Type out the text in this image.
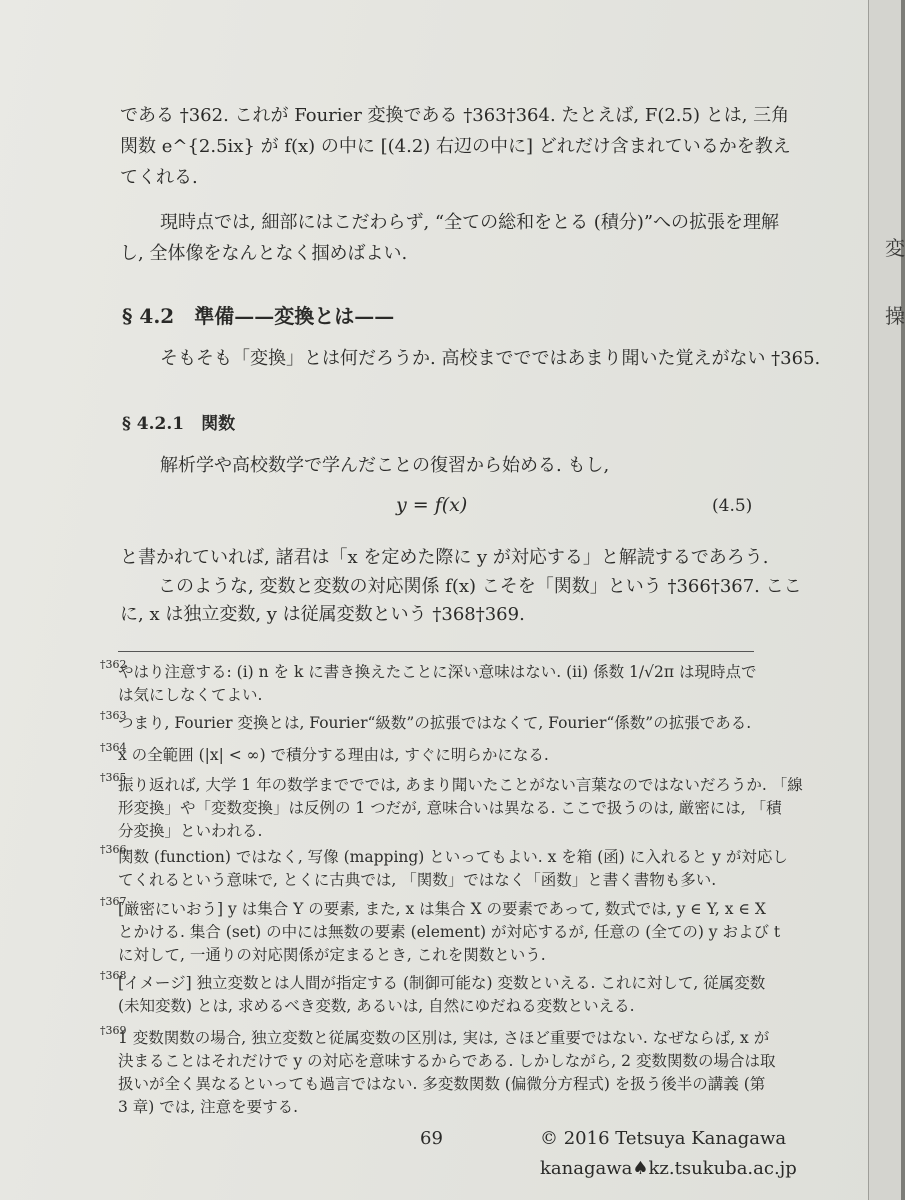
である †362. これが Fourier 変換である †363†364. たとえば, F(2.5) とは, 三角
関数 e^{2.5ix} が f(x) の中に [(4.2) 右辺の中に] どれだけ含まれているかを教え
てくれる.
現時点では, 細部にはこだわらず, “全ての総和をとる (積分)”への拡張を理解
し, 全体像をなんとなく掴めばよい.
§ 4.2　準備——変換とは——
そもそも「変換」とは何だろうか. 高校まででではあまり聞いた覚えがない †365.
§ 4.2.1　関数
解析学や高校数学で学んだことの復習から始める. もし,
y = f(x)	(4.5)
と書かれていれば, 諸君は「x を定めた際に y が対応する」と解読するであろう.
このような, 変数と変数の対応関係 f(x) こそを「関数」という †366†367. ここ
に, x は独立変数, y は従属変数という †368†369.
†362
やはり注意する: (i) n を k に書き換えたことに深い意味はない. (ii) 係数 1/√2π は現時点で
は気にしなくてよい.
†363
つまり, Fourier 変換とは, Fourier“級数”の拡張ではなくて, Fourier“係数”の拡張である.
†364
x の全範囲 (|x| < ∞) で積分する理由は, すぐに明らかになる.
†365
振り返れば, 大学 1 年の数学までででは, あまり聞いたことがない言葉なのではないだろうか. 「線
形変換」や「変数変換」は反例の 1 つだが, 意味合いは異なる. ここで扱うのは, 厳密には, 「積
分変換」といわれる.
†366
関数 (function) ではなく, 写像 (mapping) といってもよい. x を箱 (函) に入れると y が対応し
てくれるという意味で, とくに古典では, 「関数」ではなく「函数」と書く書物も多い.
†367
[厳密にいおう] y は集合 Y の要素, また, x は集合 X の要素であって, 数式では, y ∈ Y, x ∈ X
とかける. 集合 (set) の中には無数の要素 (element) が対応するが, 任意の (全ての) y および t
に対して, 一通りの対応関係が定まるとき, これを関数という.
†368
[イメージ] 独立変数とは人間が指定する (制御可能な) 変数といえる. これに対して, 従属変数
(未知変数) とは, 求めるべき変数, あるいは, 自然にゆだねる変数といえる.
†369
1 変数関数の場合, 独立変数と従属変数の区別は, 実は, さほど重要ではない. なぜならば, x が
決まることはそれだけで y の対応を意味するからである. しかしながら, 2 変数関数の場合は取
扱いが全く異なるといっても過言ではない. 多変数関数 (偏微分方程式) を扱う後半の講義 (第
3 章) では, 注意を要する.
69	© 2016 Tetsuya Kanagawa
kanagawa♠kz.tsukuba.ac.jp
変
操
